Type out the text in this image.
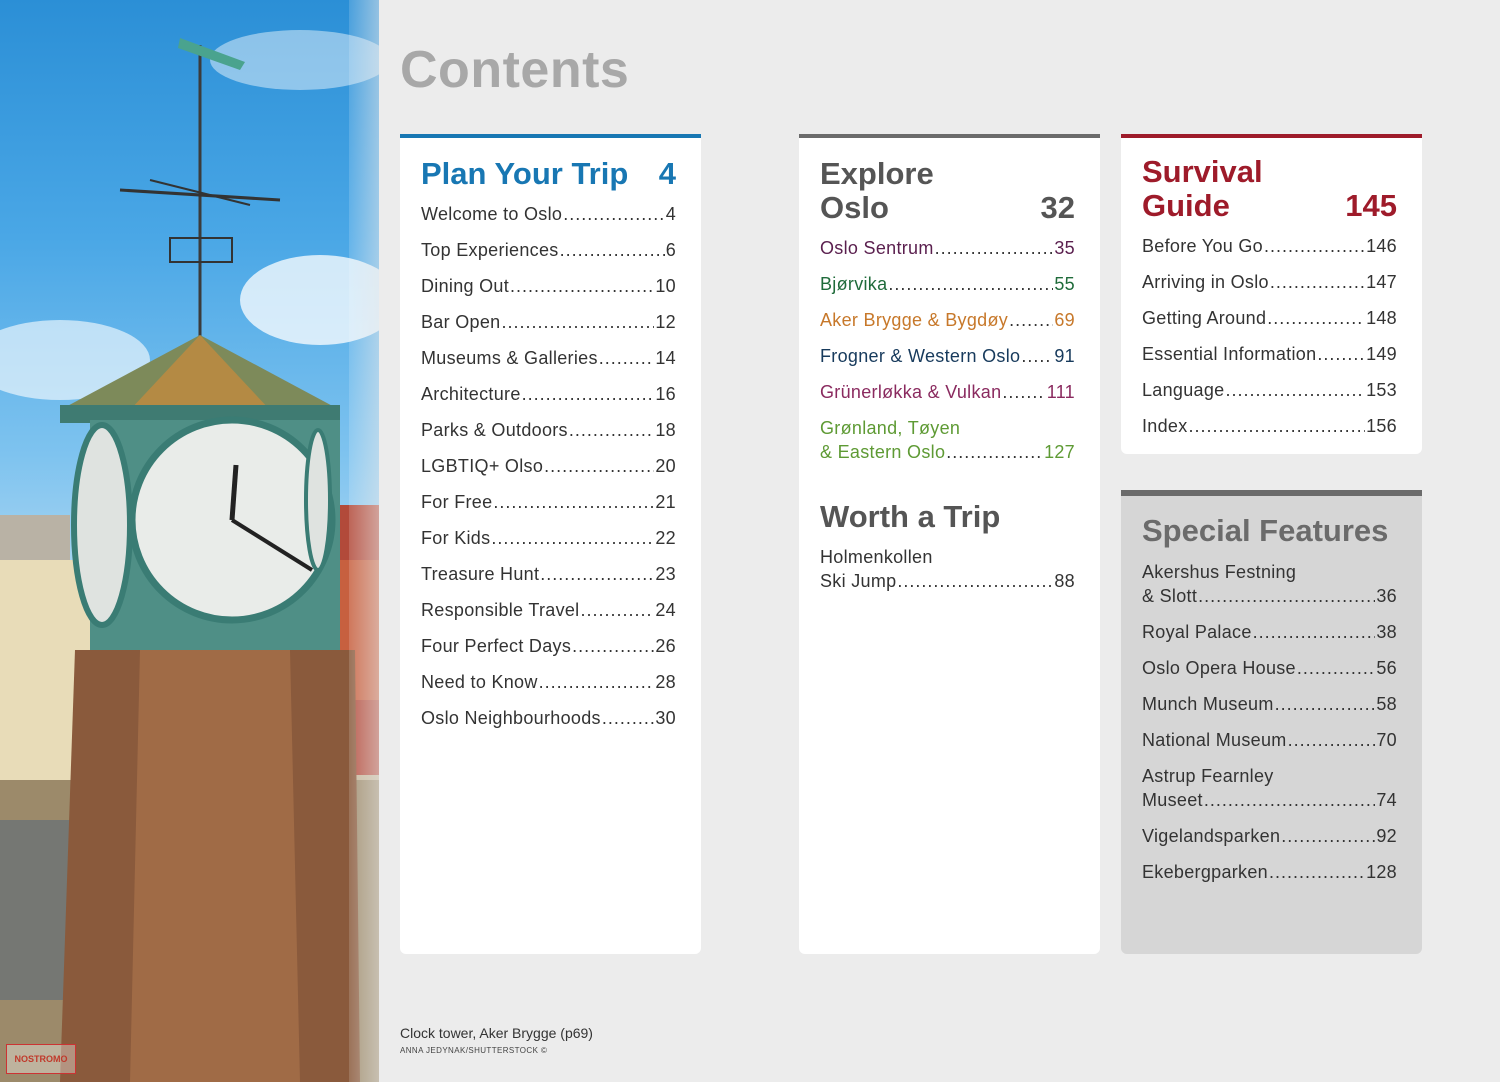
NOSTROMO
Contents
Plan Your Trip 4
Welcome to Oslo .....	4
Top Experiences .....	6
Dining Out .....	10
Bar Open .....	12
Museums & Galleries .....	14
Architecture .....	16
Parks & Outdoors .....	18
LGBTIQ+ Olso .....	20
For Free .....	21
For Kids .....	22
Treasure Hunt .....	23
Responsible Travel .....	24
Four Perfect Days .....	26
Need to Know .....	28
Oslo Neighbourhoods .....	30
Explore
Oslo	32
Oslo Sentrum .....	35
Bjørvika .....	55
Aker Brygge & Bygdøy .....	69
Frogner & Western Oslo ..... 91
Grünerløkka & Vulkan .....	111
Grønland, Tøyen
& Eastern Oslo .....	127
Worth a Trip
Holmenkollen
Ski Jump .....	88
Survival
Guide	145
Before You Go .....	146
Arriving in Oslo .....	147
Getting Around .....	148
Essential Information .....	149
Language .....	153
Index .....	156
Special Features
Akershus Festning
& Slott .....	36
Royal Palace .....	38
Oslo Opera House .....	56
Munch Museum .....	58
National Museum .....	70
Astrup Fearnley
Museet .....	74
Vigelandsparken .....	92
Ekebergparken .....	128
Clock tower, Aker Brygge (p69)
ANNA JEDYNAK/SHUTTERSTOCK ©
